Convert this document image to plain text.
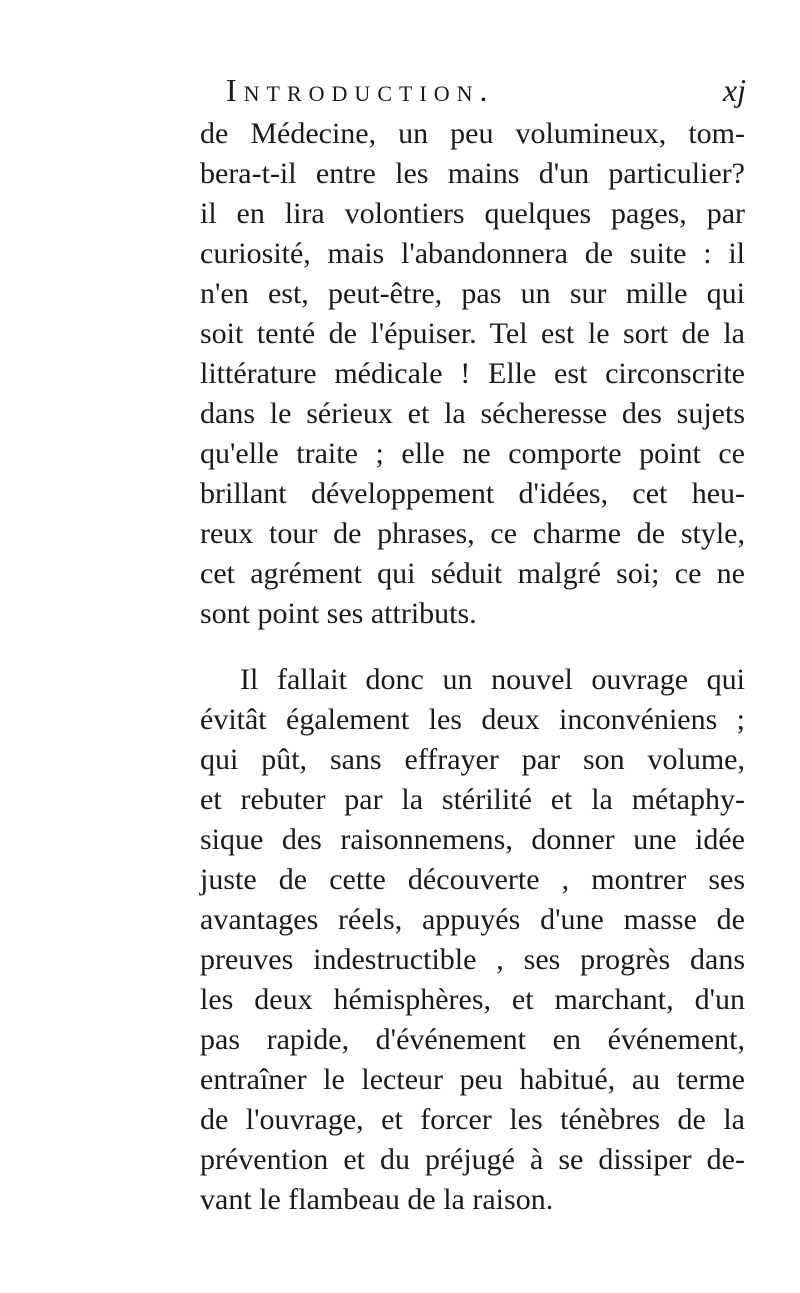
Introduction.	xj
de Médecine, un peu volumineux, tom-
bera-t-il entre les mains d'un particulier?
il en lira volontiers quelques pages, par
curiosité, mais l'abandonnera de suite : il
n'en est, peut-être, pas un sur mille qui
soit tenté de l'épuiser. Tel est le sort de la
littérature médicale ! Elle est circonscrite
dans le sérieux et la sécheresse des sujets
qu'elle traite ; elle ne comporte point ce
brillant développement d'idées, cet heu-
reux tour de phrases, ce charme de style,
cet agrément qui séduit malgré soi; ce ne
sont point ses attributs.
Il fallait donc un nouvel ouvrage qui
évitât également les deux inconvéniens ;
qui pût, sans effrayer par son volume,
et rebuter par la stérilité et la métaphy-
sique des raisonnemens, donner une idée
juste de cette découverte , montrer ses
avantages réels, appuyés d'une masse de
preuves indestructible , ses progrès dans
les deux hémisphères, et marchant, d'un
pas rapide, d'événement en événement,
entraîner le lecteur peu habitué, au terme
de l'ouvrage, et forcer les ténèbres de la
prévention et du préjugé à se dissiper de-
vant le flambeau de la raison.
